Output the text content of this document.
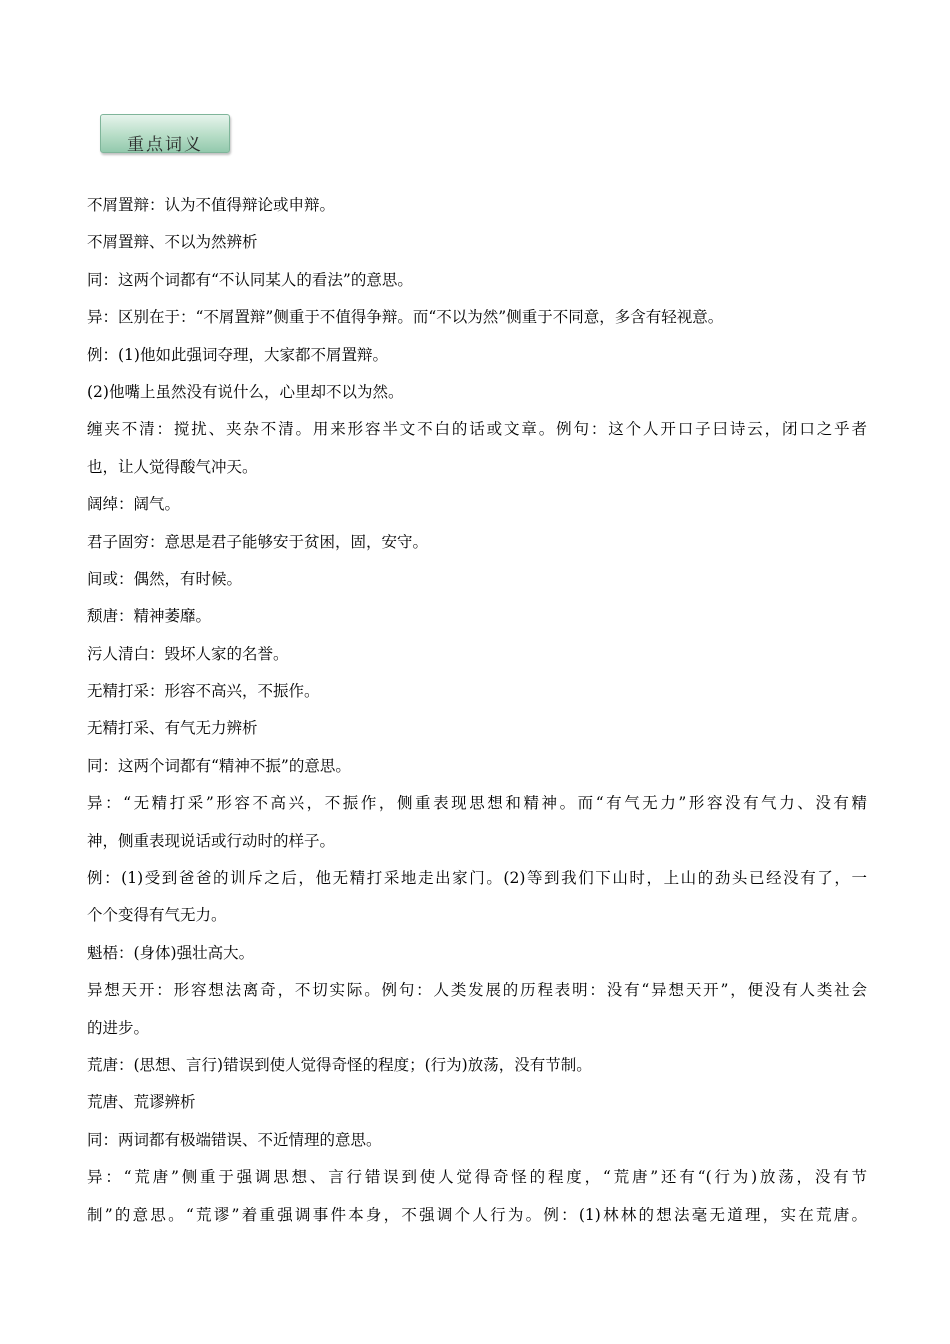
重点词义
不屑置辩：认为不值得辩论或申辩。
不屑置辩、不以为然辨析
同：这两个词都有“不认同某人的看法”的意思。
异：区别在于：“不屑置辩”侧重于不值得争辩。而“不以为然”侧重于不同意，多含有轻视意。
例：(1)他如此强词夺理，大家都不屑置辩。
(2)他嘴上虽然没有说什么，心里却不以为然。
缠夹不清：搅扰、夹杂不清。用来形容半文不白的话或文章。例句：这个人开口子曰诗云，闭口之乎者
也，让人觉得酸气冲天。
阔绰：阔气。
君子固穷：意思是君子能够安于贫困，固，安守。
间或：偶然，有时候。
颓唐：精神萎靡。
污人清白：毁坏人家的名誉。
无精打采：形容不高兴，不振作。
无精打采、有气无力辨析
同：这两个词都有“精神不振”的意思。
异：“无精打采”形容不高兴，不振作，侧重表现思想和精神。而“有气无力”形容没有气力、没有精
神，侧重表现说话或行动时的样子。
例：(1)受到爸爸的训斥之后，他无精打采地走出家门。(2)等到我们下山时，上山的劲头已经没有了，一
个个变得有气无力。
魁梧：(身体)强壮高大。
异想天开：形容想法离奇，不切实际。例句：人类发展的历程表明：没有“异想天开”，便没有人类社会
的进步。
荒唐：(思想、言行)错误到使人觉得奇怪的程度；(行为)放荡，没有节制。
荒唐、荒谬辨析
同：两词都有极端错误、不近情理的意思。
异：“荒唐”侧重于强调思想、言行错误到使人觉得奇怪的程度，“荒唐”还有“(行为)放荡，没有节
制”的意思。“荒谬”着重强调事件本身，不强调个人行为。例：(1)林林的想法毫无道理，实在荒唐。
